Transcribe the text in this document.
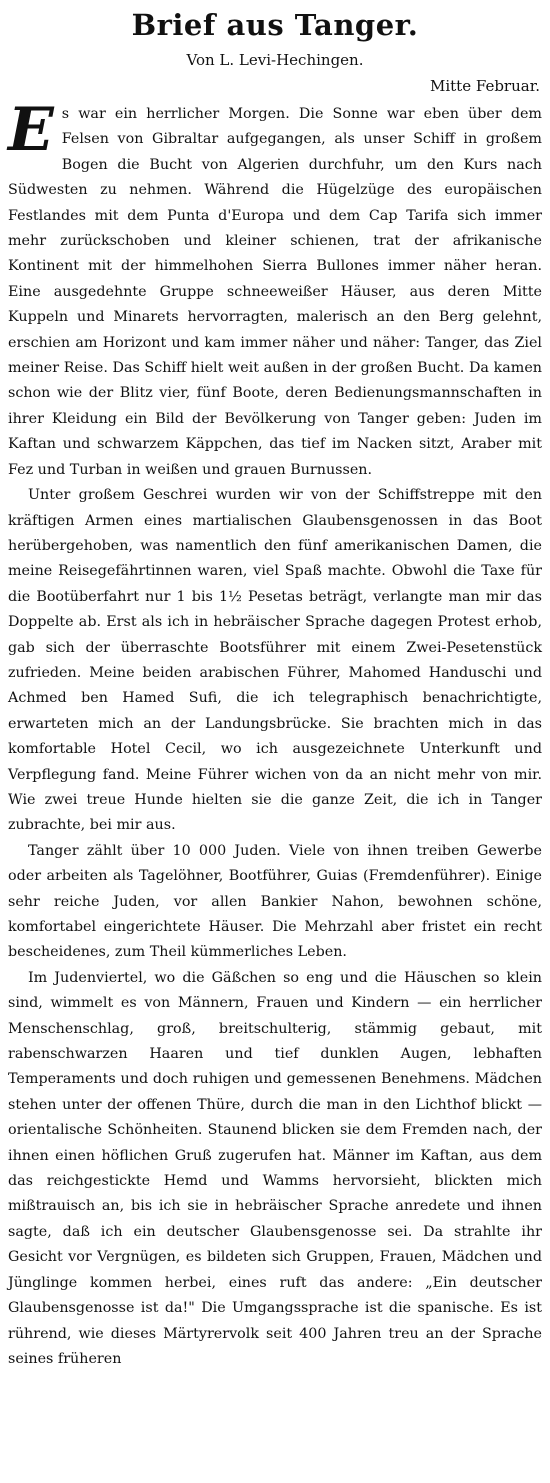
Brief aus Tanger.
Von L. Levi-Hechingen.
Mitte Februar.

Es war ein herrlicher Morgen. Die Sonne war eben über dem Felsen von Gibraltar aufgegangen, als unser Schiff in großem Bogen die Bucht von Algerien durchfuhr, um den Kurs nach Südwesten zu nehmen. Während die Hügelzüge des europäischen Festlandes mit dem Punta d'Europa und dem Cap Tarifa sich immer mehr zurückschoben und kleiner schienen, trat der afrikanische Kontinent mit der himmelhohen Sierra Bullones immer näher heran. Eine ausgedehnte Gruppe schneeweißer Häuser, aus deren Mitte Kuppeln und Minarets hervorragten, malerisch an den Berg gelehnt, erschien am Horizont und kam immer näher und näher: Tanger, das Ziel meiner Reise. Das Schiff hielt weit außen in der großen Bucht. Da kamen schon wie der Blitz vier, fünf Boote, deren Bedienungsmannschaften in ihrer Kleidung ein Bild der Bevölkerung von Tanger geben: Juden im Kaftan und schwarzem Käppchen, das tief im Nacken sitzt, Araber mit Fez und Turban in weißen und grauen Burnussen.

Unter großem Geschrei wurden wir von der Schiffstreppe mit den kräftigen Armen eines martialischen Glaubensgenossen in das Boot herübergehoben, was namentlich den fünf amerikanischen Damen, die meine Reisegefährtinnen waren, viel Spaß machte. Obwohl die Taxe für die Bootüberfahrt nur 1 bis 1½ Pesetas beträgt, verlangte man mir das Doppelte ab. Erst als ich in hebräischer Sprache dagegen Protest erhob, gab sich der überraschte Bootsführer mit einem Zwei-Pesetenstück zufrieden. Meine beiden arabischen Führer, Mahomed Handuschi und Achmed ben Hamed Sufi, die ich telegraphisch benachrichtigte, erwarteten mich an der Landungsbrücke. Sie brachten mich in das komfortable Hotel Cecil, wo ich ausgezeichnete Unterkunft und Verpflegung fand. Meine Führer wichen von da an nicht mehr von mir. Wie zwei treue Hunde hielten sie die ganze Zeit, die ich in Tanger zubrachte, bei mir aus.

Tanger zählt über 10 000 Juden. Viele von ihnen treiben Gewerbe oder arbeiten als Tagelöhner, Bootführer, Guias (Fremdenführer). Einige sehr reiche Juden, vor allen Bankier Nahon, bewohnen schöne, komfortabel eingerichtete Häuser. Die Mehrzahl aber fristet ein recht bescheidenes, zum Theil kümmerliches Leben.

Im Judenviertel, wo die Gäßchen so eng und die Häuschen so klein sind, wimmelt es von Männern, Frauen und Kindern — ein herrlicher Menschenschlag, groß, breitschulterig, stämmig gebaut, mit rabenschwarzen Haaren und tief dunklen Augen, lebhaften Temperaments und doch ruhigen und gemessenen Benehmens. Mädchen stehen unter der offenen Thüre, durch die man in den Lichthof blickt — orientalische Schönheiten. Staunend blicken sie dem Fremden nach, der ihnen einen höflichen Gruß zugerufen hat. Männer im Kaftan, aus dem das reichgestickte Hemd und Wamms hervorsieht, blickten mich mißtrauisch an, bis ich sie in hebräischer Sprache anredete und ihnen sagte, daß ich ein deutscher Glaubensgenosse sei. Da strahlte ihr Gesicht vor Vergnügen, es bildeten sich Gruppen, Frauen, Mädchen und Jünglinge kommen herbei, eines ruft das andere: „Ein deutscher Glaubensgenosse ist da!" Die Umgangssprache ist die spanische. Es ist rührend, wie dieses Märtyrervolk seit 400 Jahren treu an der Sprache seines früheren
